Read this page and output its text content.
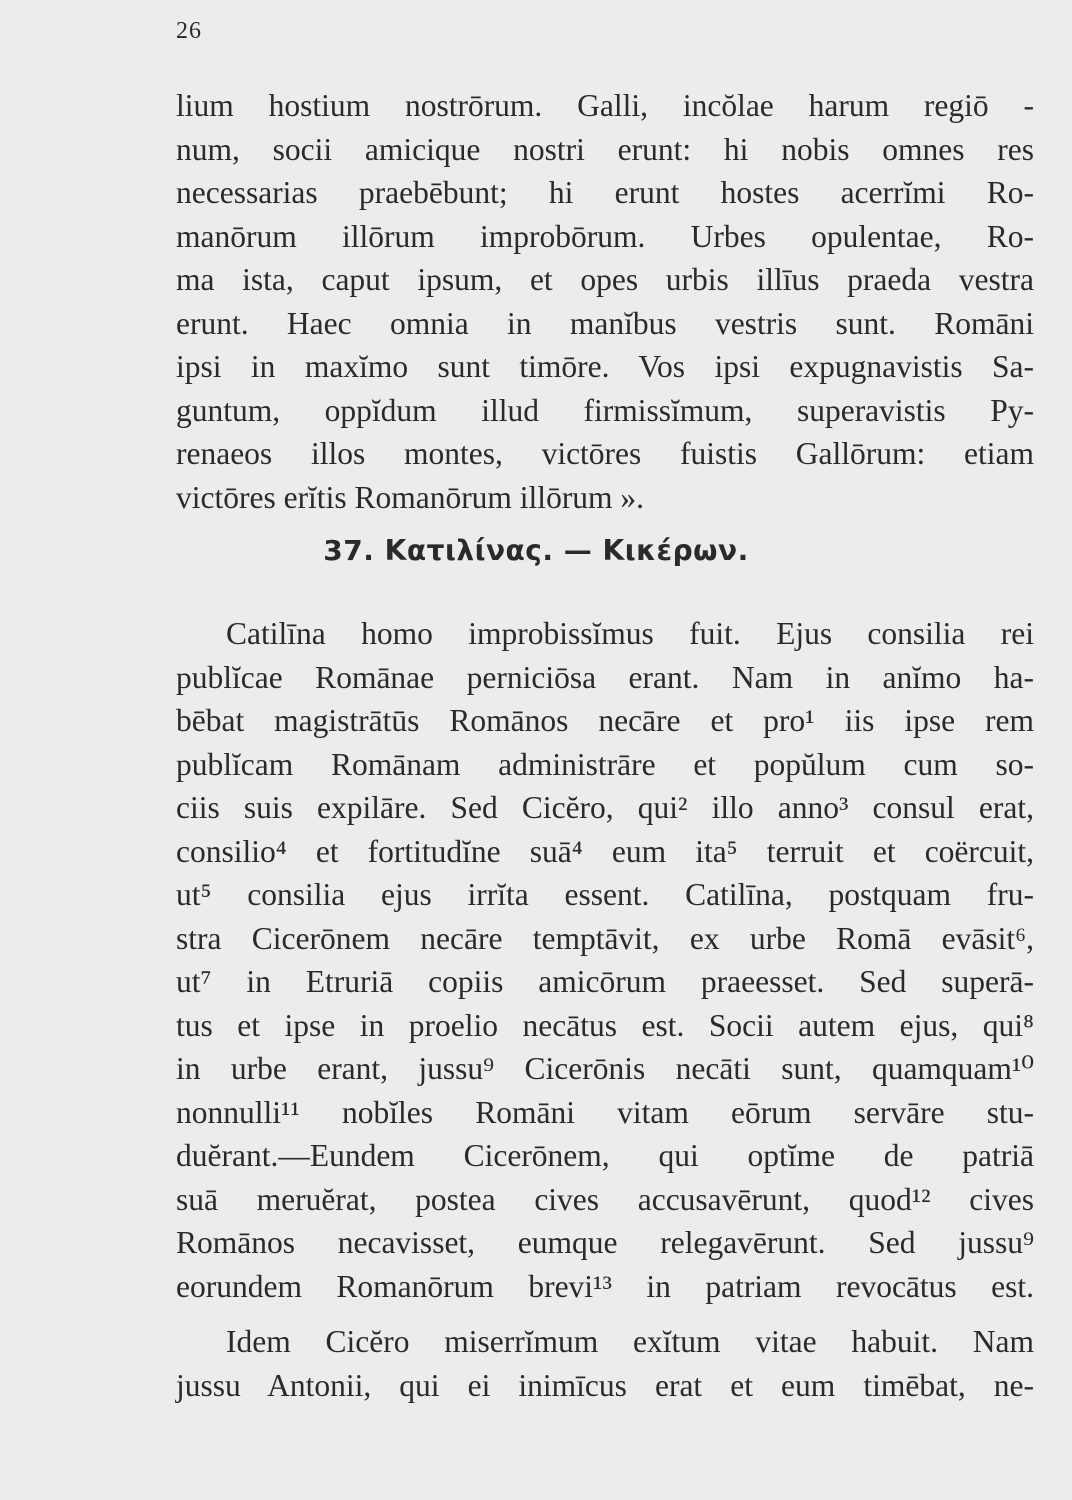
26
lium hostium nostrōrum. Galli, incŏlae harum regiō -
num, socii amicique nostri erunt: hi nobis omnes res
necessarias praebēbunt; hi erunt hostes acerrĭmi Ro-
manōrum illōrum improbōrum. Urbes opulentae, Ro-
ma ista, caput ipsum, et opes urbis illīus praeda vestra
erunt. Haec omnia in manĭbus vestris sunt. Romāni
ipsi in maxĭmo sunt timōre. Vos ipsi expugnavistis Sa-
guntum, oppĭdum illud firmissĭmum, superavistis Py-
renaeos illos montes, victōres fuistis Gallōrum: etiam
victōres erĭtis Romanōrum illōrum ».
37. Κατιλίνας. — Κικέρων.
Catilīna homo improbissĭmus fuit. Ejus consilia rei
publĭcae Romānae perniciōsa erant. Nam in anĭmo ha-
bēbat magistrātūs Romānos necāre et pro¹ iis ipse rem
publĭcam Romānam administrāre et popŭlum cum so-
ciis suis expilāre. Sed Cicĕro, qui² illo anno³ consul erat,
consilio⁴ et fortitudĭne suā⁴ eum ita⁵ terruit et coërcuit,
ut⁵ consilia ejus irrĭta essent. Catilīna, postquam fru-
stra Cicerōnem necāre temptāvit, ex urbe Romā evāsit⁶,
ut⁷ in Etruriā copiis amicōrum praeesset. Sed superā-
tus et ipse in proelio necātus est. Socii autem ejus, qui⁸
in urbe erant, jussu⁹ Cicerōnis necāti sunt, quamquam¹⁰
nonnulli¹¹ nobĭles Romāni vitam eōrum servāre stu-
duĕrant.—Eundem Cicerōnem, qui optĭme de patriā
suā meruĕrat, postea cives accusavērunt, quod¹² cives
Romānos necavisset, eumque relegavērunt. Sed jussu⁹
eorundem Romanōrum brevi¹³ in patriam revocātus est.
Idem Cicĕro miserrĭmum exĭtum vitae habuit. Nam
jussu Antonii, qui ei inimīcus erat et eum timēbat, ne-
